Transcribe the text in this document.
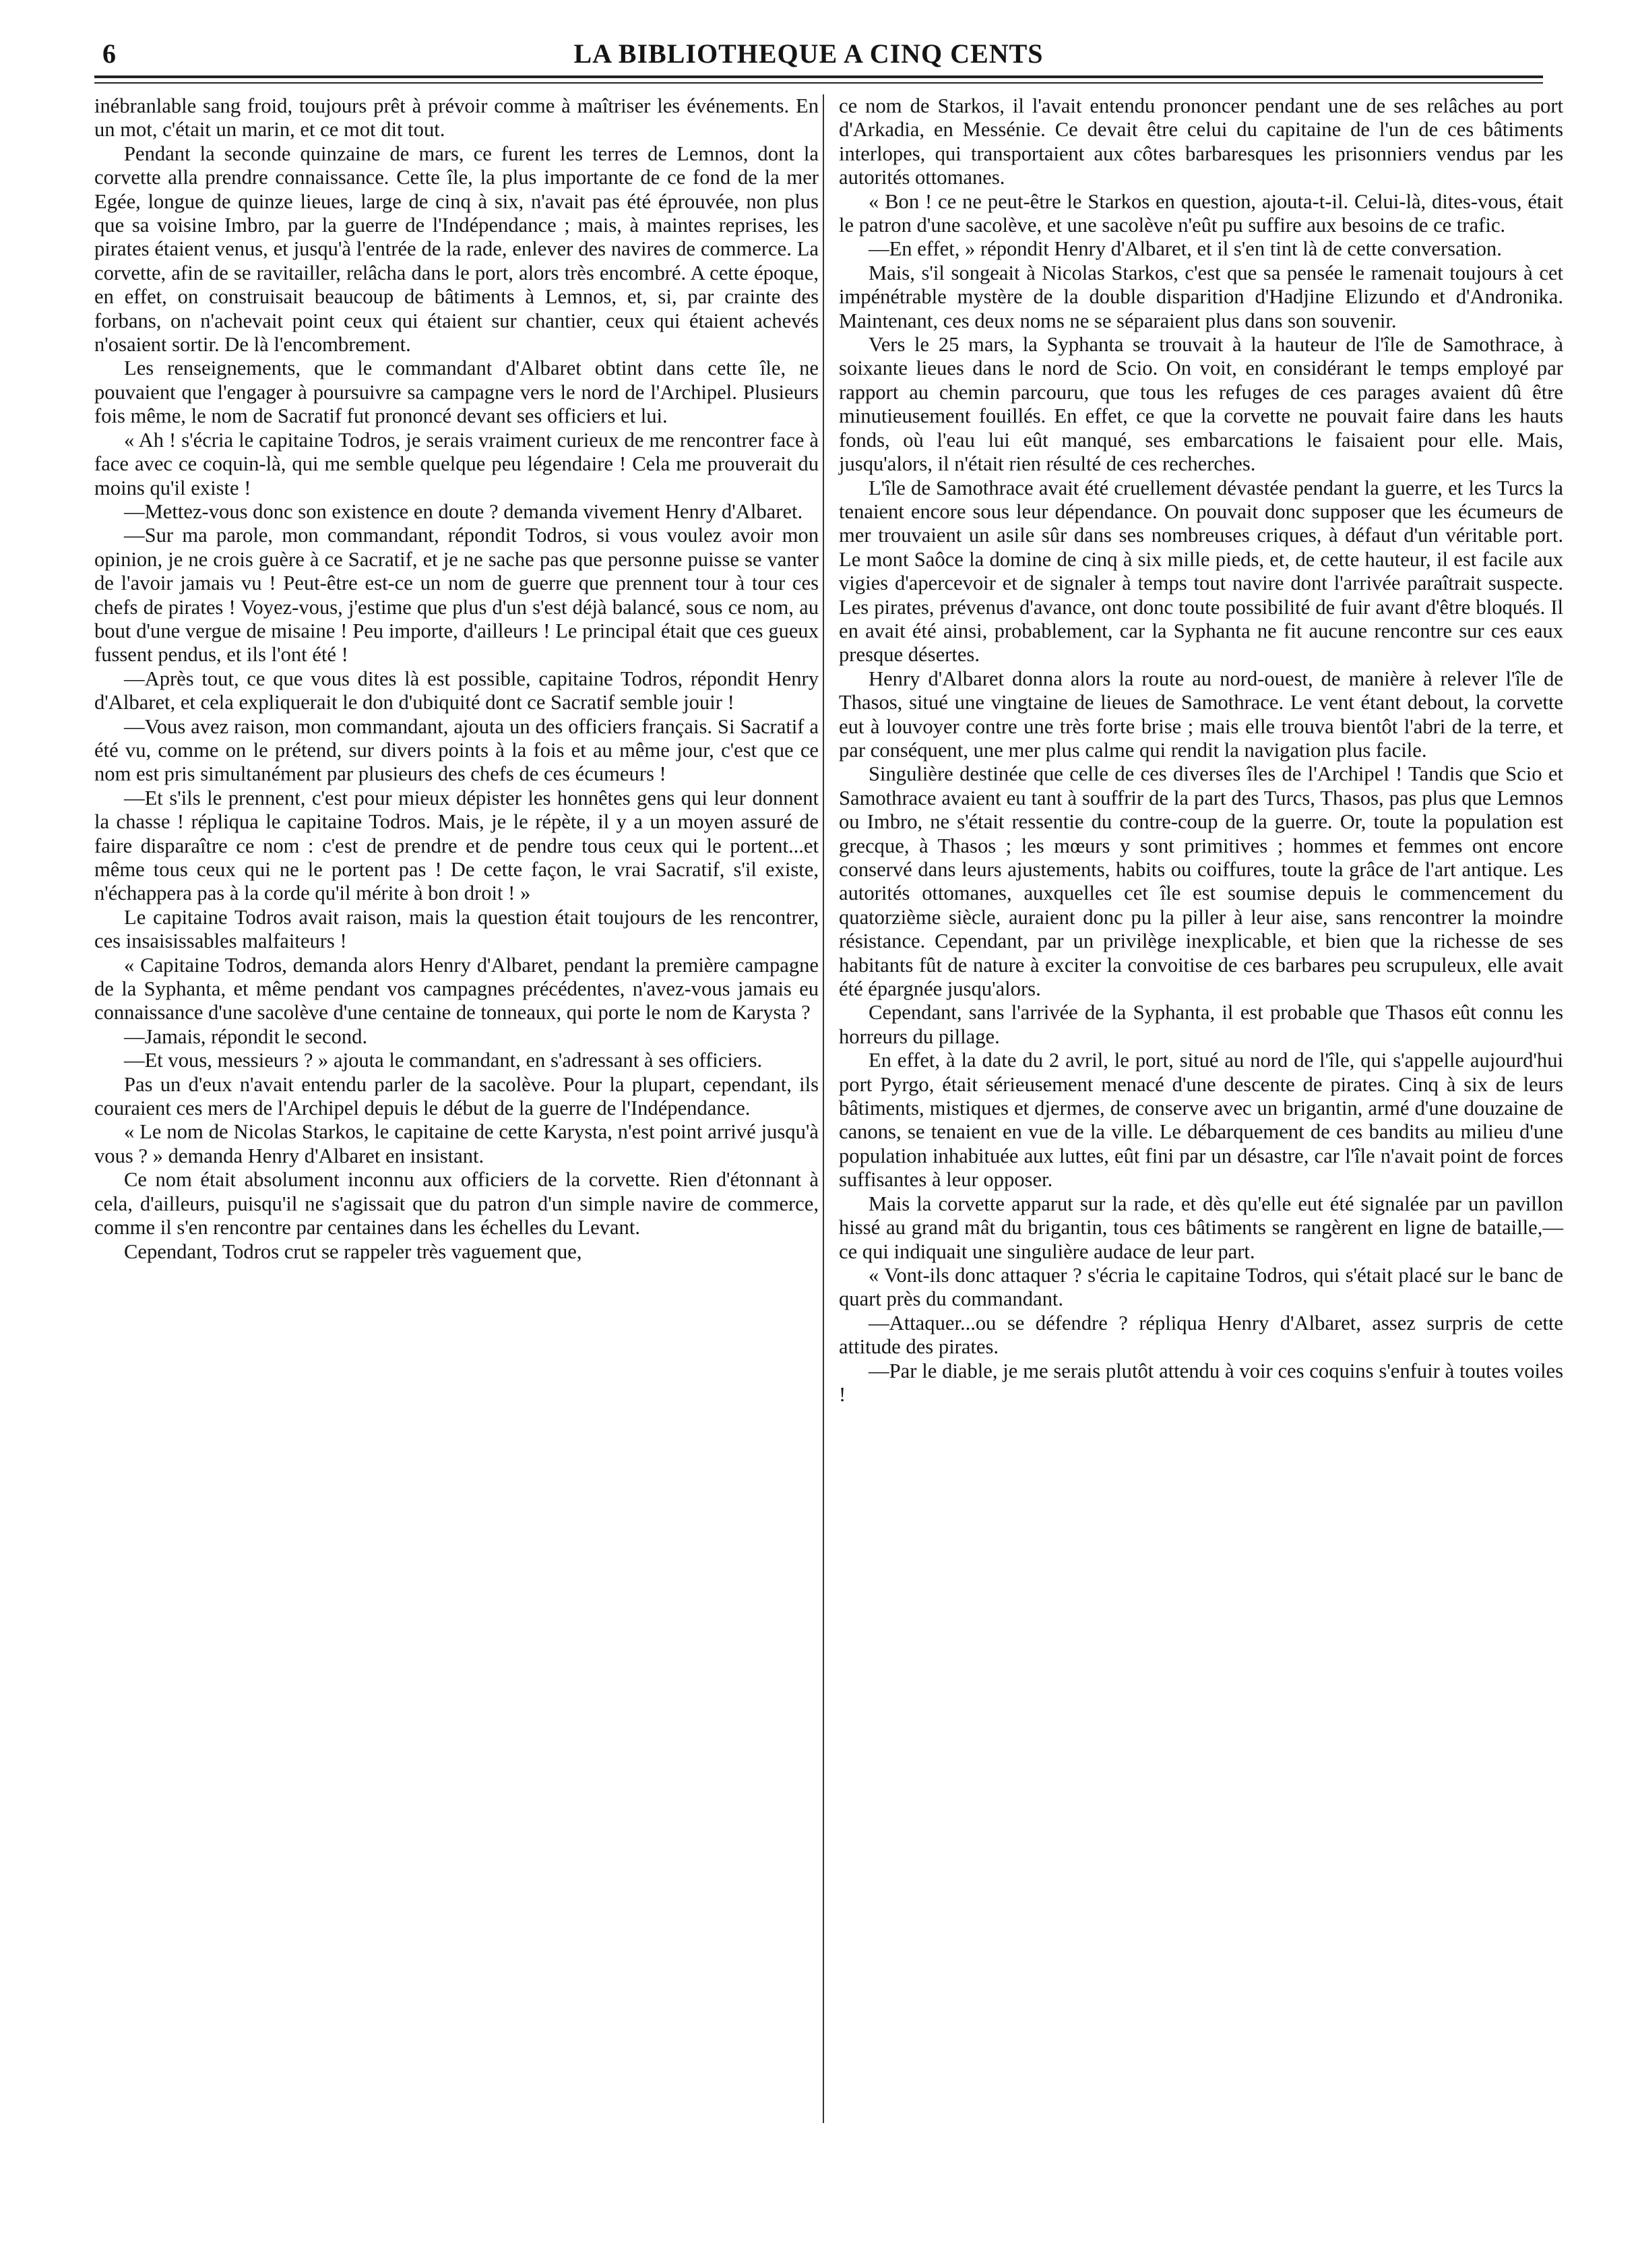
6	LA BIBLIOTHEQUE A CINQ CENTS

inébranlable sang froid, toujours prêt à prévoir comme à maîtriser les événements. En un mot, c'était un marin, et ce mot dit tout.

Pendant la seconde quinzaine de mars, ce furent les terres de Lemnos, dont la corvette alla prendre connaissance. Cette île, la plus importante de ce fond de la mer Egée, longue de quinze lieues, large de cinq à six, n'avait pas été éprouvée, non plus que sa voisine Imbro, par la guerre de l'Indépendance ; mais, à maintes reprises, les pirates étaient venus, et jusqu'à l'entrée de la rade, enlever des navires de commerce. La corvette, afin de se ravitailler, relâcha dans le port, alors très encombré. A cette époque, en effet, on construisait beaucoup de bâtiments à Lemnos, et, si, par crainte des forbans, on n'achevait point ceux qui étaient sur chantier, ceux qui étaient achevés n'osaient sortir. De là l'encombrement.

Les renseignements, que le commandant d'Albaret obtint dans cette île, ne pouvaient que l'engager à poursuivre sa campagne vers le nord de l'Archipel. Plusieurs fois même, le nom de Sacratif fut prononcé devant ses officiers et lui.

« Ah ! s'écria le capitaine Todros, je serais vraiment curieux de me rencontrer face à face avec ce coquin-là, qui me semble quelque peu légendaire ! Cela me prouverait du moins qu'il existe !

—Mettez-vous donc son existence en doute ? demanda vivement Henry d'Albaret.

—Sur ma parole, mon commandant, répondit Todros, si vous voulez avoir mon opinion, je ne crois guère à ce Sacratif, et je ne sache pas que personne puisse se vanter de l'avoir jamais vu ! Peut-être est-ce un nom de guerre que prennent tour à tour ces chefs de pirates ! Voyez-vous, j'estime que plus d'un s'est déjà balancé, sous ce nom, au bout d'une vergue de misaine ! Peu importe, d'ailleurs ! Le principal était que ces gueux fussent pendus, et ils l'ont été !

—Après tout, ce que vous dites là est possible, capitaine Todros, répondit Henry d'Albaret, et cela expliquerait le don d'ubiquité dont ce Sacratif semble jouir !

—Vous avez raison, mon commandant, ajouta un des officiers français. Si Sacratif a été vu, comme on le prétend, sur divers points à la fois et au même jour, c'est que ce nom est pris simultanément par plusieurs des chefs de ces écumeurs !

—Et s'ils le prennent, c'est pour mieux dépister les honnêtes gens qui leur donnent la chasse ! répliqua le capitaine Todros. Mais, je le répète, il y a un moyen assuré de faire disparaître ce nom : c'est de prendre et de pendre tous ceux qui le portent...et même tous ceux qui ne le portent pas ! De cette façon, le vrai Sacratif, s'il existe, n'échappera pas à la corde qu'il mérite à bon droit ! »

Le capitaine Todros avait raison, mais la question était toujours de les rencontrer, ces insaisissables malfaiteurs !

« Capitaine Todros, demanda alors Henry d'Albaret, pendant la première campagne de la Syphanta, et même pendant vos campagnes précédentes, n'avez-vous jamais eu connaissance d'une sacolève d'une centaine de tonneaux, qui porte le nom de Karysta ?

—Jamais, répondit le second.

—Et vous, messieurs ? » ajouta le commandant, en s'adressant à ses officiers.

Pas un d'eux n'avait entendu parler de la sacolève. Pour la plupart, cependant, ils couraient ces mers de l'Archipel depuis le début de la guerre de l'Indépendance.

« Le nom de Nicolas Starkos, le capitaine de cette Karysta, n'est point arrivé jusqu'à vous ? » demanda Henry d'Albaret en insistant.

Ce nom était absolument inconnu aux officiers de la corvette. Rien d'étonnant à cela, d'ailleurs, puisqu'il ne s'agissait que du patron d'un simple navire de commerce, comme il s'en rencontre par centaines dans les échelles du Levant.

Cependant, Todros crut se rappeler très vaguement que,

ce nom de Starkos, il l'avait entendu prononcer pendant une de ses relâches au port d'Arkadia, en Messénie. Ce devait être celui du capitaine de l'un de ces bâtiments interlopes, qui transportaient aux côtes barbaresques les prisonniers vendus par les autorités ottomanes.

« Bon ! ce ne peut-être le Starkos en question, ajouta-t-il. Celui-là, dites-vous, était le patron d'une sacolève, et une sacolève n'eût pu suffire aux besoins de ce trafic.

—En effet, » répondit Henry d'Albaret, et il s'en tint là de cette conversation.

Mais, s'il songeait à Nicolas Starkos, c'est que sa pensée le ramenait toujours à cet impénétrable mystère de la double disparition d'Hadjine Elizundo et d'Andronika. Maintenant, ces deux noms ne se séparaient plus dans son souvenir.

Vers le 25 mars, la Syphanta se trouvait à la hauteur de l'île de Samothrace, à soixante lieues dans le nord de Scio. On voit, en considérant le temps employé par rapport au chemin parcouru, que tous les refuges de ces parages avaient dû être minutieusement fouillés. En effet, ce que la corvette ne pouvait faire dans les hauts fonds, où l'eau lui eût manqué, ses embarcations le faisaient pour elle. Mais, jusqu'alors, il n'était rien résulté de ces recherches.

L'île de Samothrace avait été cruellement dévastée pendant la guerre, et les Turcs la tenaient encore sous leur dépendance. On pouvait donc supposer que les écumeurs de mer trouvaient un asile sûr dans ses nombreuses criques, à défaut d'un véritable port. Le mont Saôce la domine de cinq à six mille pieds, et, de cette hauteur, il est facile aux vigies d'apercevoir et de signaler à temps tout navire dont l'arrivée paraîtrait suspecte. Les pirates, prévenus d'avance, ont donc toute possibilité de fuir avant d'être bloqués. Il en avait été ainsi, probablement, car la Syphanta ne fit aucune rencontre sur ces eaux presque désertes.

Henry d'Albaret donna alors la route au nord-ouest, de manière à relever l'île de Thasos, situé une vingtaine de lieues de Samothrace. Le vent étant debout, la corvette eut à louvoyer contre une très forte brise ; mais elle trouva bientôt l'abri de la terre, et par conséquent, une mer plus calme qui rendit la navigation plus facile.

Singulière destinée que celle de ces diverses îles de l'Archipel ! Tandis que Scio et Samothrace avaient eu tant à souffrir de la part des Turcs, Thasos, pas plus que Lemnos ou Imbro, ne s'était ressentie du contre-coup de la guerre. Or, toute la population est grecque, à Thasos ; les mœurs y sont primitives ; hommes et femmes ont encore conservé dans leurs ajustements, habits ou coiffures, toute la grâce de l'art antique. Les autorités ottomanes, auxquelles cet île est soumise depuis le commencement du quatorzième siècle, auraient donc pu la piller à leur aise, sans rencontrer la moindre résistance. Cependant, par un privilège inexplicable, et bien que la richesse de ses habitants fût de nature à exciter la convoitise de ces barbares peu scrupuleux, elle avait été épargnée jusqu'alors.

Cependant, sans l'arrivée de la Syphanta, il est probable que Thasos eût connu les horreurs du pillage.

En effet, à la date du 2 avril, le port, situé au nord de l'île, qui s'appelle aujourd'hui port Pyrgo, était sérieusement menacé d'une descente de pirates. Cinq à six de leurs bâtiments, mistiques et djermes, de conserve avec un brigantin, armé d'une douzaine de canons, se tenaient en vue de la ville. Le débarquement de ces bandits au milieu d'une population inhabituée aux luttes, eût fini par un désastre, car l'île n'avait point de forces suffisantes à leur opposer.

Mais la corvette apparut sur la rade, et dès qu'elle eut été signalée par un pavillon hissé au grand mât du brigantin, tous ces bâtiments se rangèrent en ligne de bataille,—ce qui indiquait une singulière audace de leur part.

« Vont-ils donc attaquer ? s'écria le capitaine Todros, qui s'était placé sur le banc de quart près du commandant.

—Attaquer...ou se défendre ? répliqua Henry d'Albaret, assez surpris de cette attitude des pirates.

—Par le diable, je me serais plutôt attendu à voir ces coquins s'enfuir à toutes voiles !
